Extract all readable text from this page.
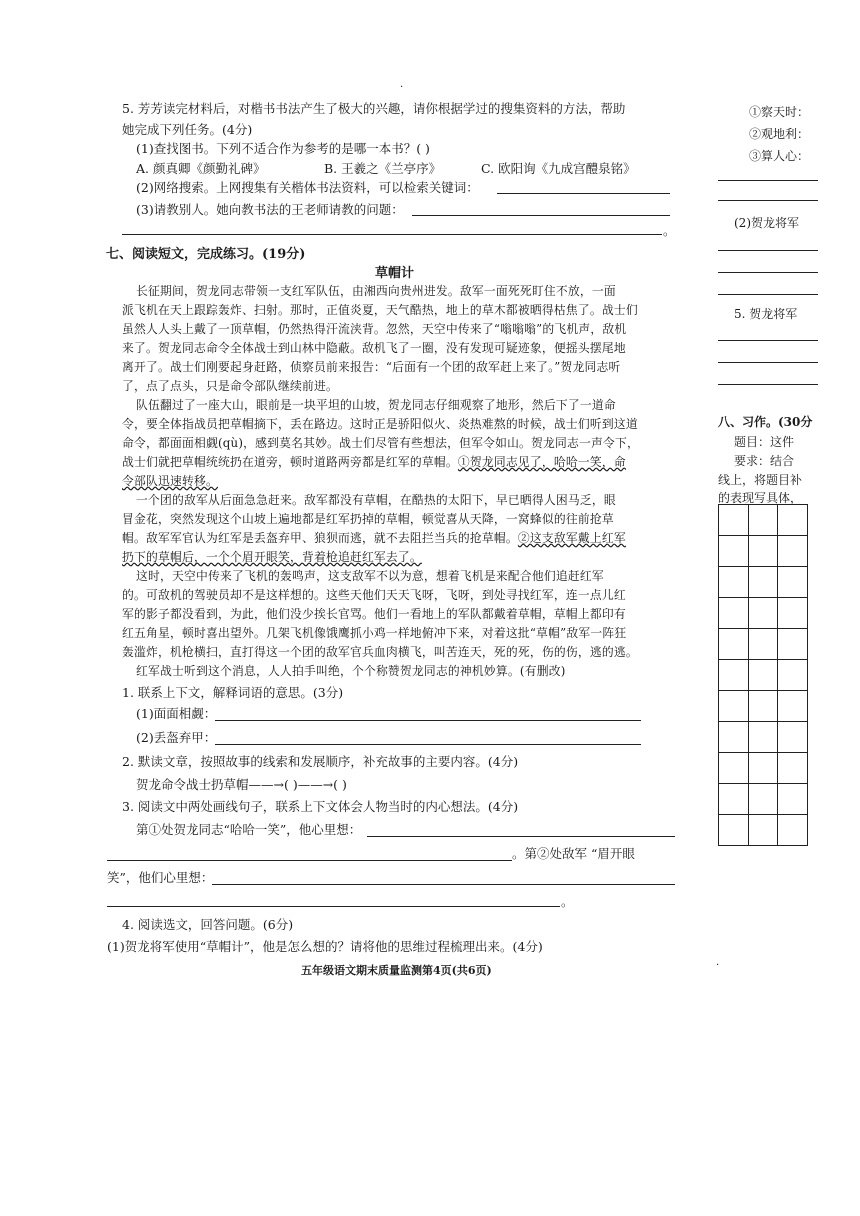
·
5. 芳芳读完材料后，对楷书书法产生了极大的兴趣，请你根据学过的搜集资料的方法，帮助
她完成下列任务。(4分)
(1)查找图书。下列不适合作为参考的是哪一本书？( )
A. 颜真卿《颜勤礼碑》	B. 王羲之《兰亭序》	C. 欧阳询《九成宫醴泉铭》
(2)网络搜索。上网搜集有关楷体书法资料，可以检索关键词：
(3)请教别人。她向教书法的王老师请教的问题：
。
七、阅读短文，完成练习。(19分)
草帽计
长征期间，贺龙同志带领一支红军队伍，由湘西向贵州进发。敌军一面死死盯住不放，一面
派飞机在天上跟踪轰炸、扫射。那时，正值炎夏，天气酷热，地上的草木都被晒得枯焦了。战士们
虽然人人头上戴了一顶草帽，仍然热得汗流浃背。忽然，天空中传来了“嗡嗡嗡”的飞机声，敌机
来了。贺龙同志命令全体战士到山林中隐蔽。敌机飞了一圈，没有发现可疑迹象，便摇头摆尾地
离开了。战士们刚要起身赶路，侦察员前来报告：“后面有一个团的敌军赶上来了。”贺龙同志听
了，点了点头，只是命令部队继续前进。
队伍翻过了一座大山，眼前是一块平坦的山坡，贺龙同志仔细观察了地形，然后下了一道命
令，要全体指战员把草帽摘下，丢在路边。这时正是骄阳似火、炎热难熬的时候，战士们听到这道
命令，都面面相觑(qù)，感到莫名其妙。战士们尽管有些想法，但军令如山。贺龙同志一声令下，
战士们就把草帽统统扔在道旁，顿时道路两旁都是红军的草帽。①贺龙同志见了，哈哈一笑，命
令部队迅速转移。
一个团的敌军从后面急急赶来。敌军都没有草帽，在酷热的太阳下，早已晒得人困马乏，眼
冒金花，突然发现这个山坡上遍地都是红军扔掉的草帽，顿觉喜从天降，一窝蜂似的往前抢草
帽。敌军军官认为红军是丢盔弃甲、狼狈而逃，就不去阻拦当兵的抢草帽。②这支敌军戴上红军
扔下的草帽后，一个个眉开眼笑，背着枪追赶红军去了。
这时，天空中传来了飞机的轰鸣声，这支敌军不以为意，想着飞机是来配合他们追赶红军
的。可敌机的驾驶员却不是这样想的。这些天他们天天飞呀，飞呀，到处寻找红军，连一点儿红
军的影子都没看到，为此，他们没少挨长官骂。他们一看地上的军队都戴着草帽，草帽上都印有
红五角星，顿时喜出望外。几架飞机像饿鹰抓小鸡一样地俯冲下来，对着这批“草帽”敌军一阵狂
轰滥炸，机枪横扫，直打得这一个团的敌军官兵血肉横飞，叫苦连天，死的死，伤的伤，逃的逃。
红军战士听到这个消息，人人拍手叫绝，个个称赞贺龙同志的神机妙算。(有删改)
1. 联系上下文，解释词语的意思。(3分)
(1)面面相觑：
(2)丢盔弃甲：
2. 默读文章，按照故事的线索和发展顺序，补充故事的主要内容。(4分)
贺龙命令战士扔草帽——→( )——→( )
3. 阅读文中两处画线句子，联系上下文体会人物当时的内心想法。(4分)
第①处贺龙同志“哈哈一笑”，他心里想：
。第②处敌军 “眉开眼
笑”，他们心里想：
。
4. 阅读选文，回答问题。(6分)
(1)贺龙将军使用“草帽计”，他是怎么想的？请将他的思维过程梳理出来。(4分)
五年级语文期末质量监测第4页(共6页)
①察天时：
②观地利：
③算人心：
(2)贺龙将军
5. 贺龙将军
八、习作。(30分
题目：这件
要求：结合
线上，将题目补
的表现写具体，

·
